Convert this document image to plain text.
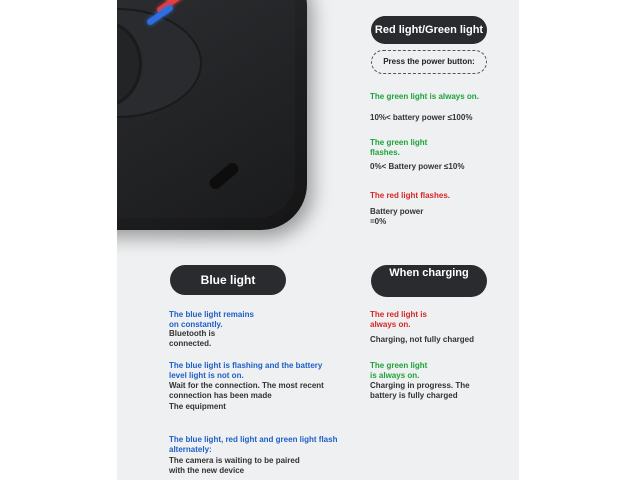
Red light/Green light
Press the power button:
The green light is always on.
10%< battery power ≤100%
The green light flashes.
0%< Battery power ≤10%
The red light flashes.
Battery power =0%
Blue light
The blue light remains on constantly.
Bluetooth is connected.
The blue light is flashing and the battery level light is not on.
Wait for the connection. The most recent connection has been made
The equipment
The blue light, red light and green light flash alternately:
The camera is waiting to be paired with the new device
When charging
The red light is always on.
Charging, not fully charged
The green light is always on.
Charging in progress. The battery is fully charged
